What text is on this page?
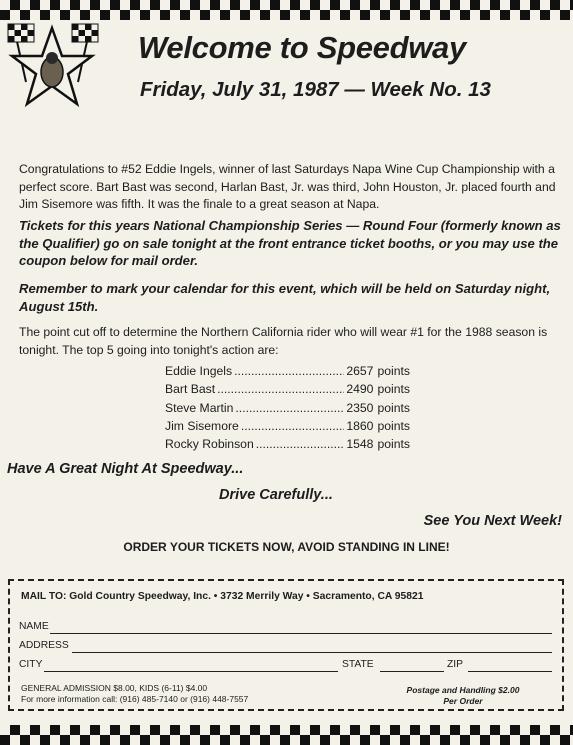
Welcome to Speedway
Friday, July 31, 1987 — Week No. 13

Congratulations to #52 Eddie Ingels, winner of last Saturdays Napa Wine Cup Championship with a perfect score. Bart Bast was second, Harlan Bast, Jr. was third, John Houston, Jr. placed fourth and Jim Sisemore was fifth. It was the finale to a great season at Napa.

Tickets for this years National Championship Series — Round Four (formerly known as the Qualifier) go on sale tonight at the front entrance ticket booths, or you may use the coupon below for mail order.

Remember to mark your calendar for this event, which will be held on Saturday night, August 15th.

The point cut off to determine the Northern California rider who will wear #1 for the 1988 season is tonight. The top 5 going into tonight's action are:

Eddie Ingels .....	2657 points
Bart Bast .....	2490 points
Steve Martin .....	2350 points
Jim Sisemore .....	1860 points
Rocky Robinson .....	1548 points

Have A Great Night At Speedway...

Drive Carefully...

See You Next Week!

ORDER YOUR TICKETS NOW, AVOID STANDING IN LINE!

MAIL TO: Gold Country Speedway, Inc. • 3732 Merrily Way • Sacramento, CA 95821

NAME
ADDRESS
CITY	STATE	ZIP

GENERAL ADMISSION $8.00, KIDS (6-11) $4.00
For more information call: (916) 485-7140 or (916) 448-7557

Postage and Handling $2.00
Per Order
